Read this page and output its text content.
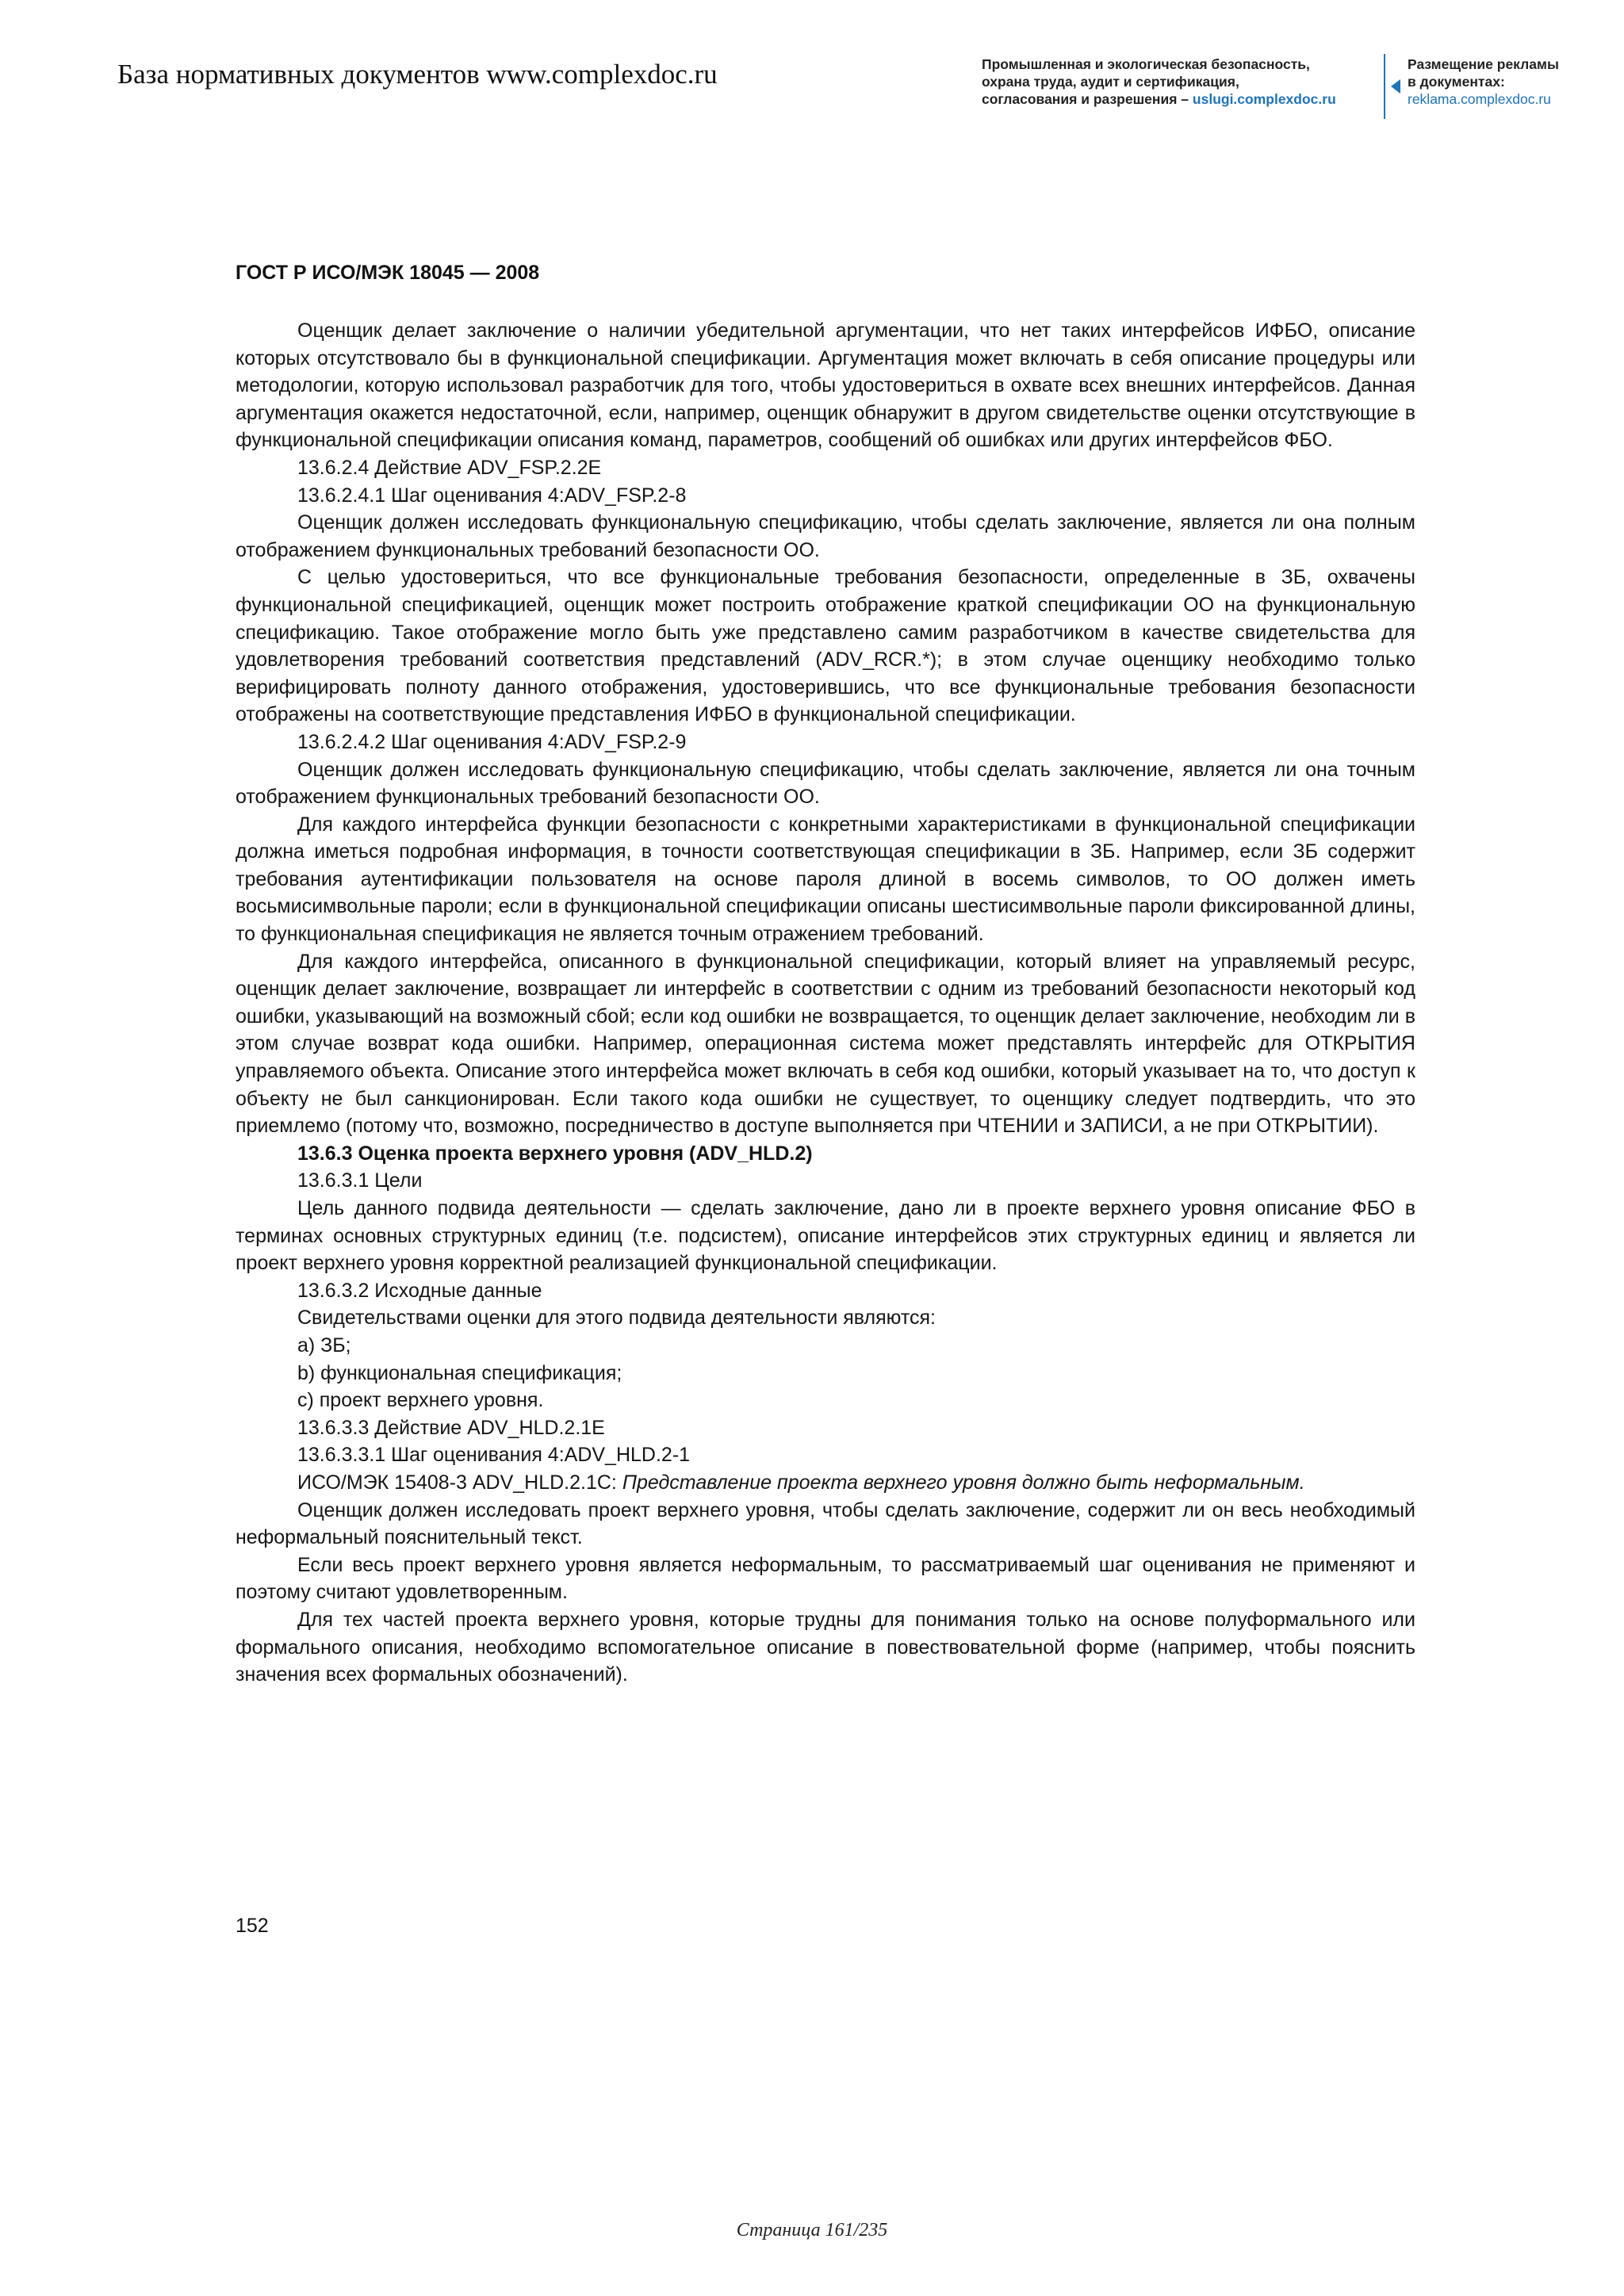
База нормативных документов www.complexdoc.ru	Промышленная и экологическая безопасность,
охрана труда, аудит и сертификация,
согласования и разрешения – uslugi.complexdoc.ru
Размещение рекламы
в документах:
reklama.complexdoc.ru
ГОСТ Р ИСО/МЭК 18045 — 2008

Оценщик делает заключение о наличии убедительной аргументации, что нет таких интерфейсов ИФБО, описание которых отсутствовало бы в функциональной спецификации. Аргументация может включать в себя описание процедуры или методологии, которую использовал разработчик для того, чтобы удостовериться в охвате всех внешних интерфейсов. Данная аргументация окажется недостаточной, если, например, оценщик обнаружит в другом свидетельстве оценки отсутствующие в функциональной спецификации описания команд, параметров, сообщений об ошибках или других интерфейсов ФБО.

13.6.2.4 Действие ADV_FSP.2.2E

13.6.2.4.1 Шаг оценивания 4:ADV_FSP.2-8

Оценщик должен исследовать функциональную спецификацию, чтобы сделать заключение, является ли она полным отображением функциональных требований безопасности ОО.

С целью удостовериться, что все функциональные требования безопасности, определенные в ЗБ, охвачены функциональной спецификацией, оценщик может построить отображение краткой спецификации ОО на функциональную спецификацию. Такое отображение могло быть уже представлено самим разработчиком в качестве свидетельства для удовлетворения требований соответствия представлений (ADV_RCR.*); в этом случае оценщику необходимо только верифицировать полноту данного отображения, удостоверившись, что все функциональные требования безопасности отображены на соответствующие представления ИФБО в функциональной спецификации.

13.6.2.4.2 Шаг оценивания 4:ADV_FSP.2-9

Оценщик должен исследовать функциональную спецификацию, чтобы сделать заключение, является ли она точным отображением функциональных требований безопасности ОО.

Для каждого интерфейса функции безопасности с конкретными характеристиками в функциональной спецификации должна иметься подробная информация, в точности соответствующая спецификации в ЗБ. Например, если ЗБ содержит требования аутентификации пользователя на основе пароля длиной в восемь символов, то ОО должен иметь восьмисимвольные пароли; если в функциональной спецификации описаны шестисимвольные пароли фиксированной длины, то функциональная спецификация не является точным отражением требований.

Для каждого интерфейса, описанного в функциональной спецификации, который влияет на управляемый ресурс, оценщик делает заключение, возвращает ли интерфейс в соответствии с одним из требований безопасности некоторый код ошибки, указывающий на возможный сбой; если код ошибки не возвращается, то оценщик делает заключение, необходим ли в этом случае возврат кода ошибки. Например, операционная система может представлять интерфейс для ОТКРЫТИЯ управляемого объекта. Описание этого интерфейса может включать в себя код ошибки, который указывает на то, что доступ к объекту не был санкционирован. Если такого кода ошибки не существует, то оценщику следует подтвердить, что это приемлемо (потому что, возможно, посредничество в доступе выполняется при ЧТЕНИИ и ЗАПИСИ, а не при ОТКРЫТИИ).

13.6.3 Оценка проекта верхнего уровня (ADV_HLD.2)

13.6.3.1 Цели

Цель данного подвида деятельности — сделать заключение, дано ли в проекте верхнего уровня описание ФБО в терминах основных структурных единиц (т.е. подсистем), описание интерфейсов этих структурных единиц и является ли проект верхнего уровня корректной реализацией функциональной спецификации.

13.6.3.2 Исходные данные

Свидетельствами оценки для этого подвида деятельности являются:

a) ЗБ;

b) функциональная спецификация;

c) проект верхнего уровня.

13.6.3.3 Действие ADV_HLD.2.1E

13.6.3.3.1 Шаг оценивания 4:ADV_HLD.2-1

ИСО/МЭК 15408-3 ADV_HLD.2.1C: Представление проекта верхнего уровня должно быть неформальным.

Оценщик должен исследовать проект верхнего уровня, чтобы сделать заключение, содержит ли он весь необходимый неформальный пояснительный текст.

Если весь проект верхнего уровня является неформальным, то рассматриваемый шаг оценивания не применяют и поэтому считают удовлетворенным.

Для тех частей проекта верхнего уровня, которые трудны для понимания только на основе полуформального или формального описания, необходимо вспомогательное описание в повествовательной форме (например, чтобы пояснить значения всех формальных обозначений).

152
Страница 161/235
